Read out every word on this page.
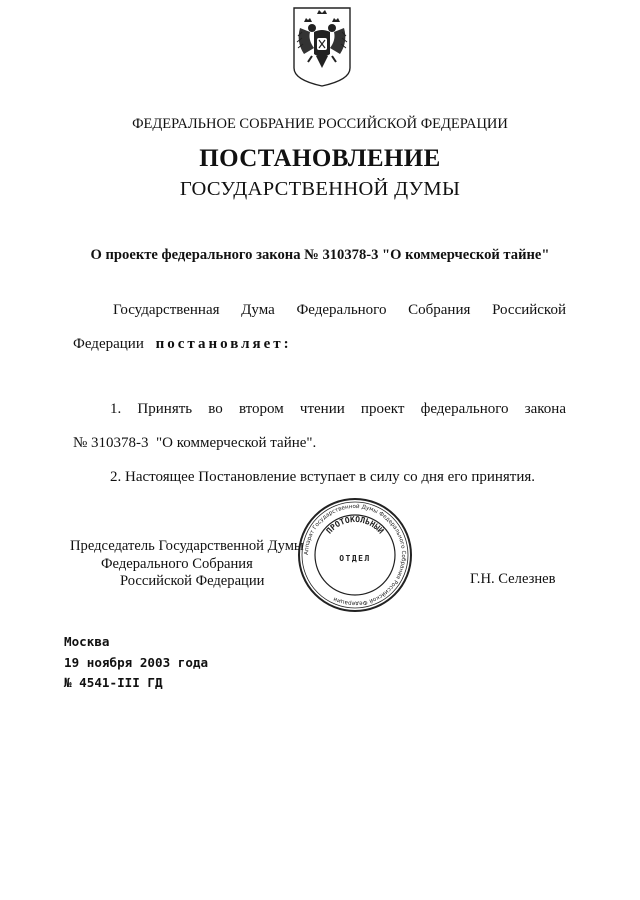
ФЕДЕРАЛЬНОЕ СОБРАНИЕ РОССИЙСКОЙ ФЕДЕРАЦИИ
ПОСТАНОВЛЕНИЕ
ГОСУДАРСТВЕННОЙ ДУМЫ
О проекте федерального закона № 310378-3 "О коммерческой тайне"
Государственная Дума Федерального Собрания Российской
Федерации постановляет:
1. Принять во втором чтении проект федерального закона
№ 310378-3  "О коммерческой тайне".
2. Настоящее Постановление вступает в силу со дня его принятия.
Аппарат Государственной Думы Федерального Собрания Российской Федерации
ПРОТОКОЛЬНЫЙ
ОТДЕЛ
Председатель Государственной Думы
Федерального Собрания
Российской Федерации	Г.Н. Селезнев
Москва
19 ноября 2003 года
№ 4541-III ГД
